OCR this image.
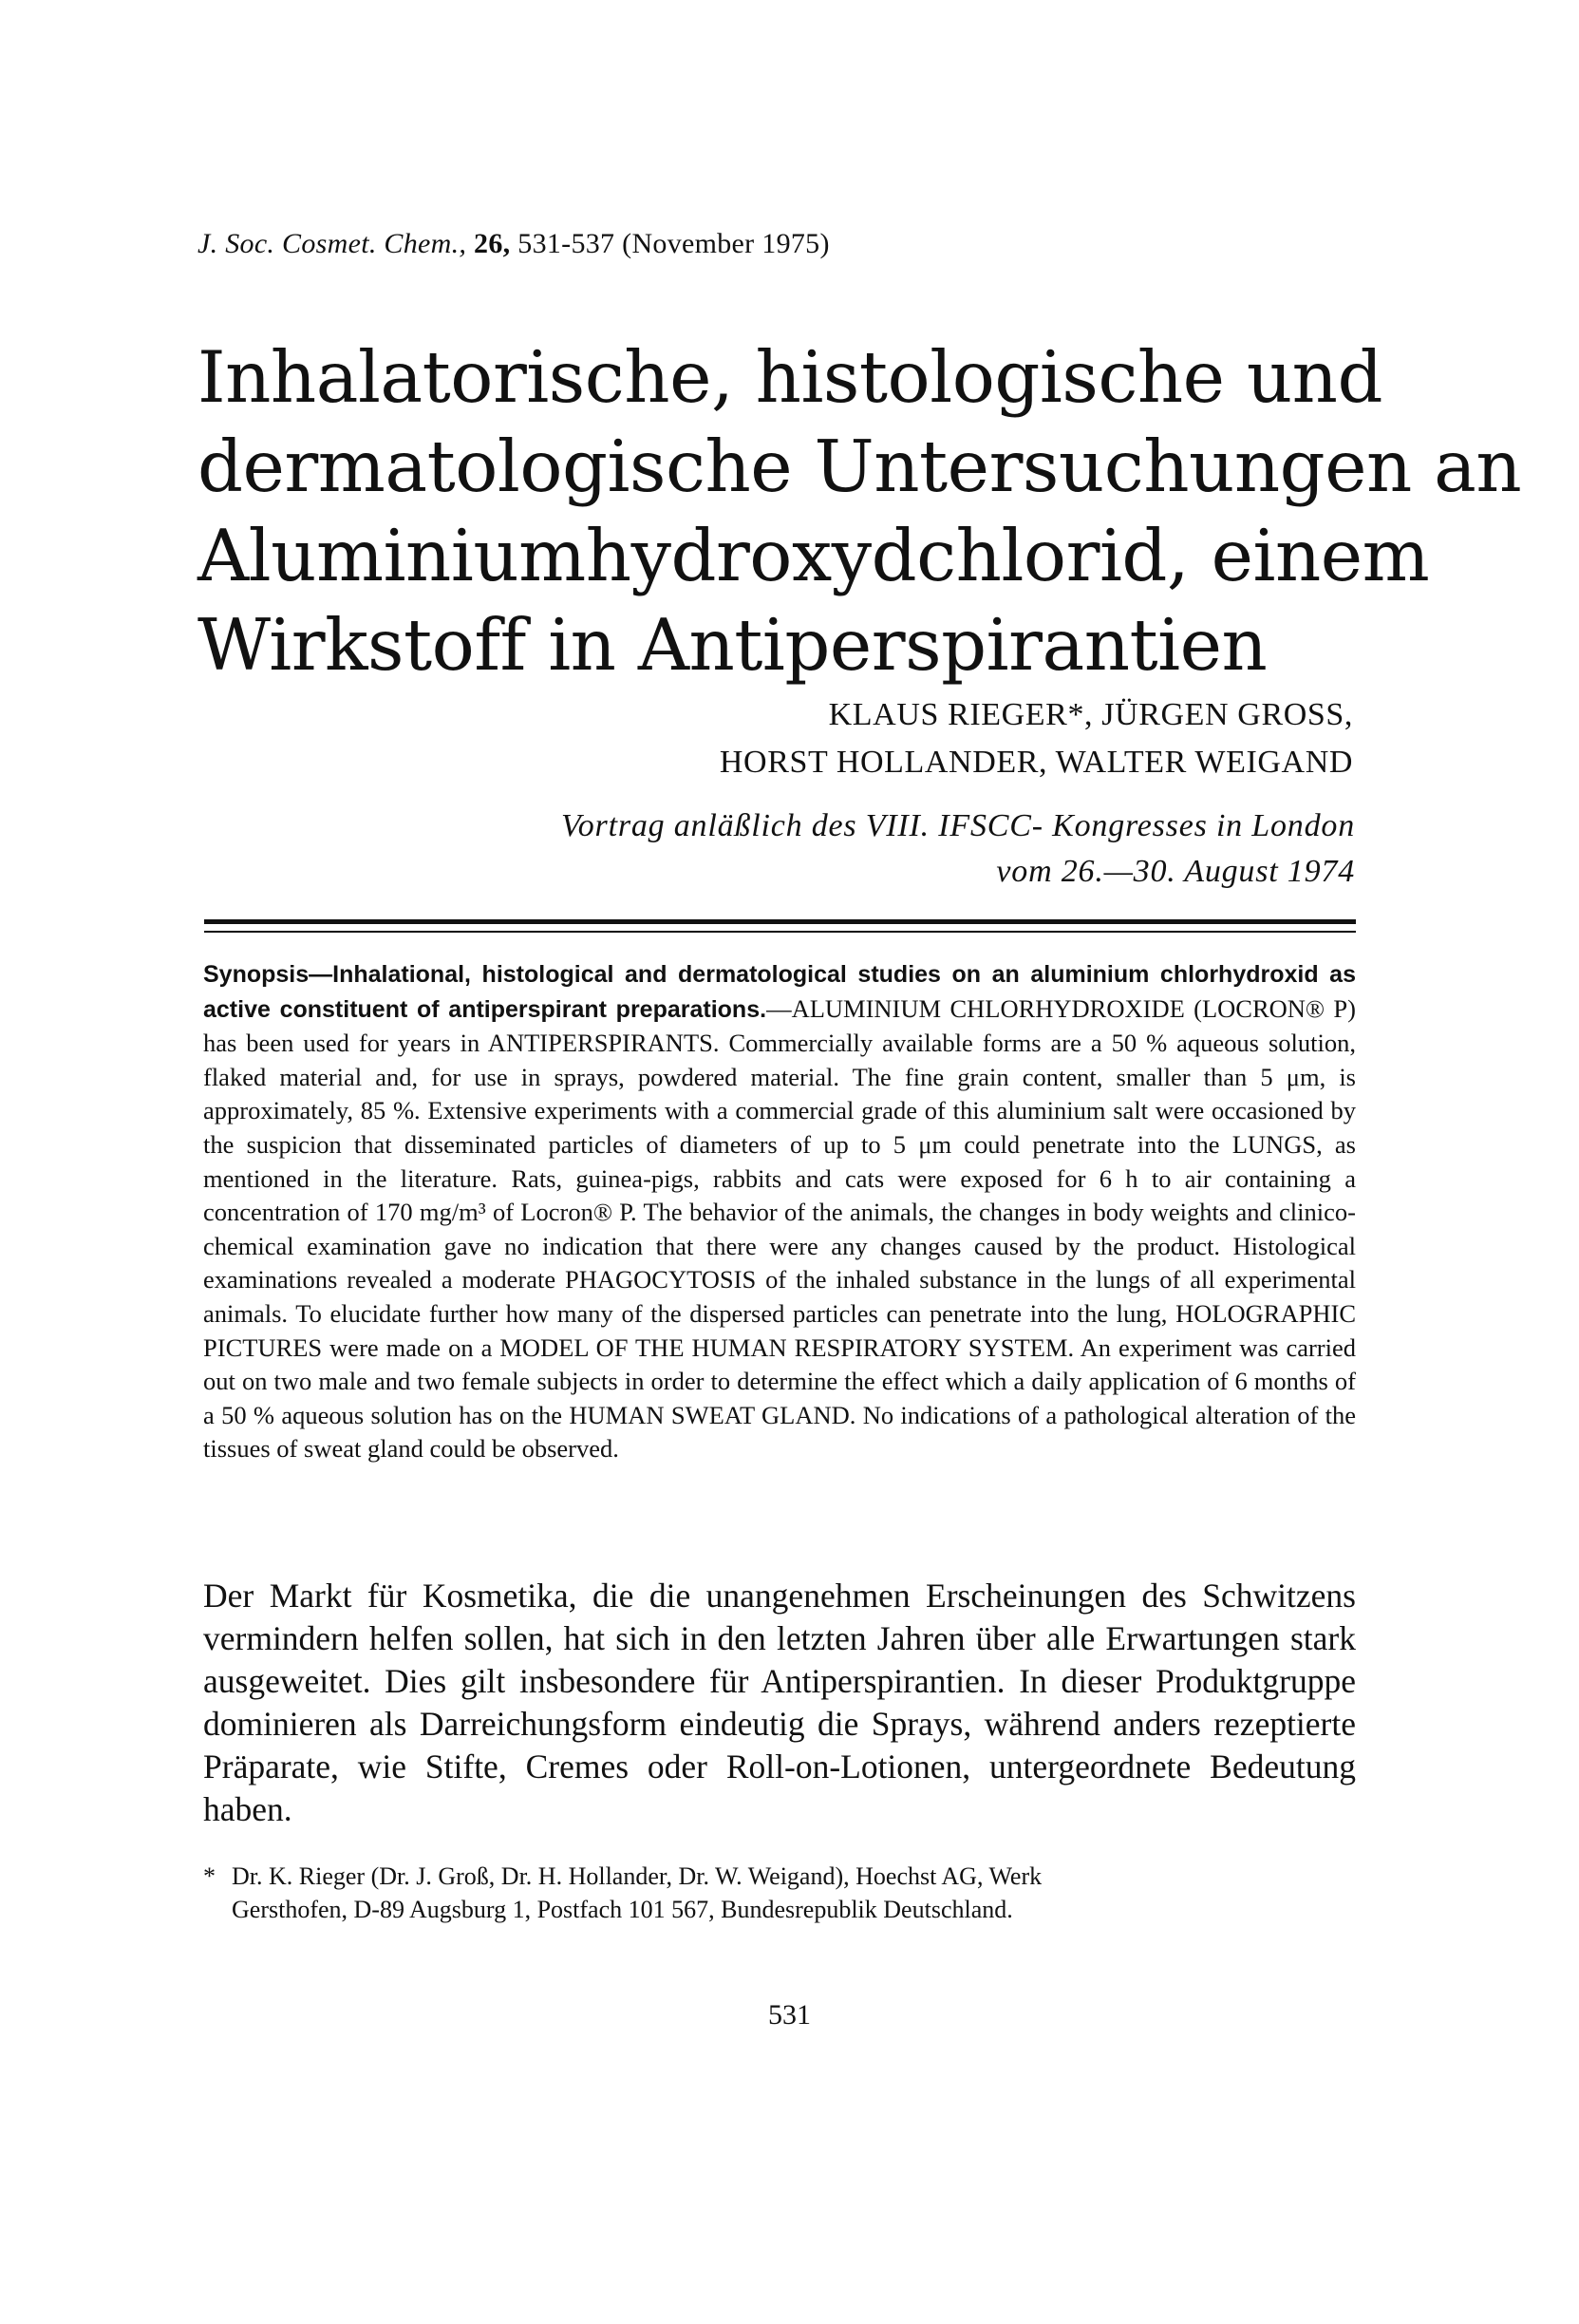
J. Soc. Cosmet. Chem., 26, 531-537 (November 1975)
Inhalatorische, histologische und
dermatologische Untersuchungen an
Aluminiumhydroxydchlorid, einem
Wirkstoff in Antiperspirantien
KLAUS RIEGER*, JÜRGEN GROSS,
HORST HOLLANDER, WALTER WEIGAND
Vortrag anläßlich des VIII. IFSCC- Kongresses in London
vom 26.—30. August 1974

Synopsis—Inhalational, histological and dermatological studies on an aluminium chlorhydroxid as active constituent of antiperspirant preparations.—ALUMINIUM CHLORHYDROXIDE (LOCRON® P) has been used for years in ANTIPERSPIRANTS. Commercially available forms are a 50 % aqueous solution, flaked material and, for use in sprays, powdered material. The fine grain content, smaller than 5 μm, is approximately, 85 %. Extensive experiments with a commercial grade of this aluminium salt were occasioned by the suspicion that disseminated particles of diameters of up to 5 μm could penetrate into the LUNGS, as mentioned in the literature. Rats, guinea-pigs, rabbits and cats were exposed for 6 h to air containing a concentration of 170 mg/m³ of Locron® P. The behavior of the animals, the changes in body weights and clinico-chemical examination gave no indication that there were any changes caused by the product. Histological examinations revealed a moderate PHAGOCYTOSIS of the inhaled substance in the lungs of all experimental animals. To elucidate further how many of the dispersed particles can penetrate into the lung, HOLOGRAPHIC PICTURES were made on a MODEL OF THE HUMAN RESPIRATORY SYSTEM. An experiment was carried out on two male and two female subjects in order to determine the effect which a daily application of 6 months of a 50 % aqueous solution has on the HUMAN SWEAT GLAND. No indications of a pathological alteration of the tissues of sweat gland could be observed.

Der Markt für Kosmetika, die die unangenehmen Erscheinungen des Schwitzens vermindern helfen sollen, hat sich in den letzten Jahren über alle Erwartungen stark ausgeweitet. Dies gilt insbesondere für Antiperspirantien. In dieser Produktgruppe dominieren als Darreichungsform eindeutig die Sprays, während anders rezeptierte Präparate, wie Stifte, Cremes oder Roll-on-Lotionen, untergeordnete Bedeutung haben.

* Dr. K. Rieger (Dr. J. Groß, Dr. H. Hollander, Dr. W. Weigand), Hoechst AG, Werk
Gersthofen, D-89 Augsburg 1, Postfach 101 567, Bundesrepublik Deutschland.
531
